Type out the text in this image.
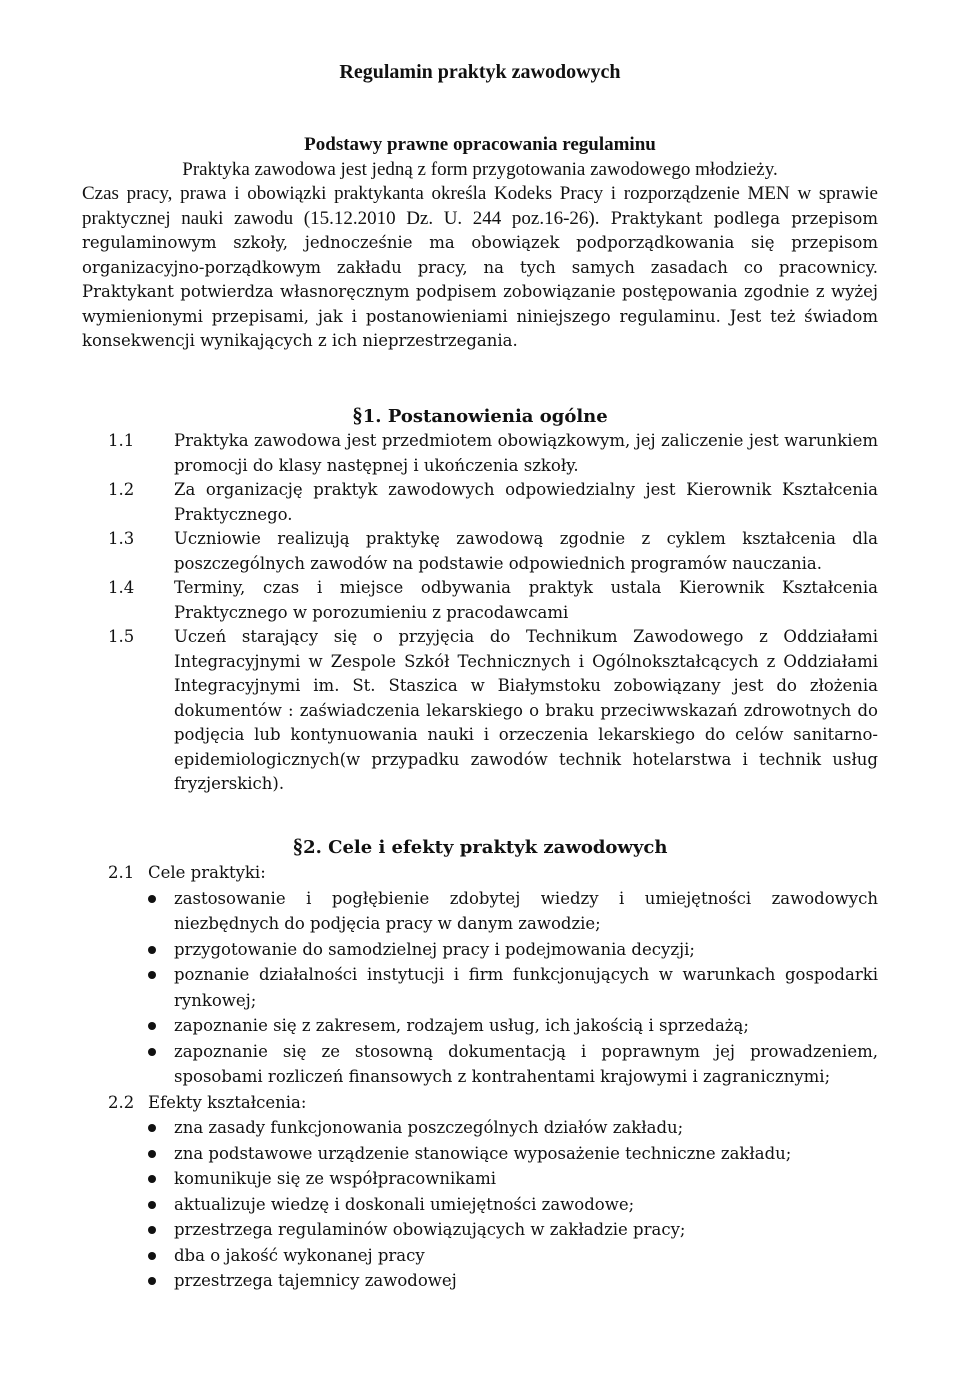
Regulamin praktyk zawodowych
Podstawy prawne opracowania regulaminu
Praktyka zawodowa jest jedną z form przygotowania zawodowego młodzieży.
Czas pracy, prawa i obowiązki praktykanta określa Kodeks Pracy i rozporządzenie MEN w sprawie praktycznej nauki zawodu (15.12.2010 Dz. U. 244 poz.16-26). Praktykant podlega przepisom regulaminowym szkoły, jednocześnie ma obowiązek podporządkowania się przepisom organizacyjno-porządkowym zakładu pracy, na tych samych zasadach co pracownicy. Praktykant potwierdza własnoręcznym podpisem zobowiązanie postępowania zgodnie z wyżej wymienionymi przepisami, jak i postanowieniami niniejszego regulaminu. Jest też świadom konsekwencji wynikających z ich nieprzestrzegania.
§1. Postanowienia ogólne
1.1	Praktyka zawodowa jest przedmiotem obowiązkowym, jej zaliczenie jest warunkiem promocji do klasy następnej i ukończenia szkoły.
1.2	Za organizację praktyk zawodowych odpowiedzialny jest Kierownik Kształcenia Praktycznego.
1.3	Uczniowie realizują praktykę zawodową zgodnie z cyklem kształcenia dla poszczególnych zawodów na podstawie odpowiednich programów nauczania.
1.4	Terminy, czas i miejsce odbywania praktyk ustala Kierownik Kształcenia Praktycznego w porozumieniu z pracodawcami
1.5	Uczeń starający się o przyjęcia do Technikum Zawodowego z Oddziałami Integracyjnymi w Zespole Szkół Technicznych i Ogólnokształcących z Oddziałami Integracyjnymi im. St. Staszica w Białymstoku zobowiązany jest do złożenia dokumentów : zaświadczenia lekarskiego o braku przeciwwskazań zdrowotnych do podjęcia lub kontynuowania nauki i orzeczenia lekarskiego do celów sanitarno-epidemiologicznych(w przypadku zawodów technik hotelarstwa i technik usług fryzjerskich).
§2. Cele i efekty praktyk zawodowych
2.1 Cele praktyki:
zastosowanie i pogłębienie zdobytej wiedzy i umiejętności zawodowych niezbędnych do podjęcia pracy w danym zawodzie;
przygotowanie do samodzielnej pracy i podejmowania decyzji;
poznanie działalności instytucji i firm funkcjonujących w warunkach gospodarki rynkowej;
zapoznanie się z zakresem, rodzajem usług, ich jakością i sprzedażą;
zapoznanie się ze stosowną dokumentacją i poprawnym jej prowadzeniem, sposobami rozliczeń finansowych z kontrahentami krajowymi i zagranicznymi;
2.2 Efekty kształcenia:
zna zasady funkcjonowania poszczególnych działów zakładu;
zna podstawowe urządzenie stanowiące wyposażenie techniczne zakładu;
komunikuje się ze współpracownikami
aktualizuje wiedzę i doskonali umiejętności zawodowe;
przestrzega regulaminów obowiązujących w zakładzie pracy;
dba o jakość wykonanej pracy
przestrzega tajemnicy zawodowej
